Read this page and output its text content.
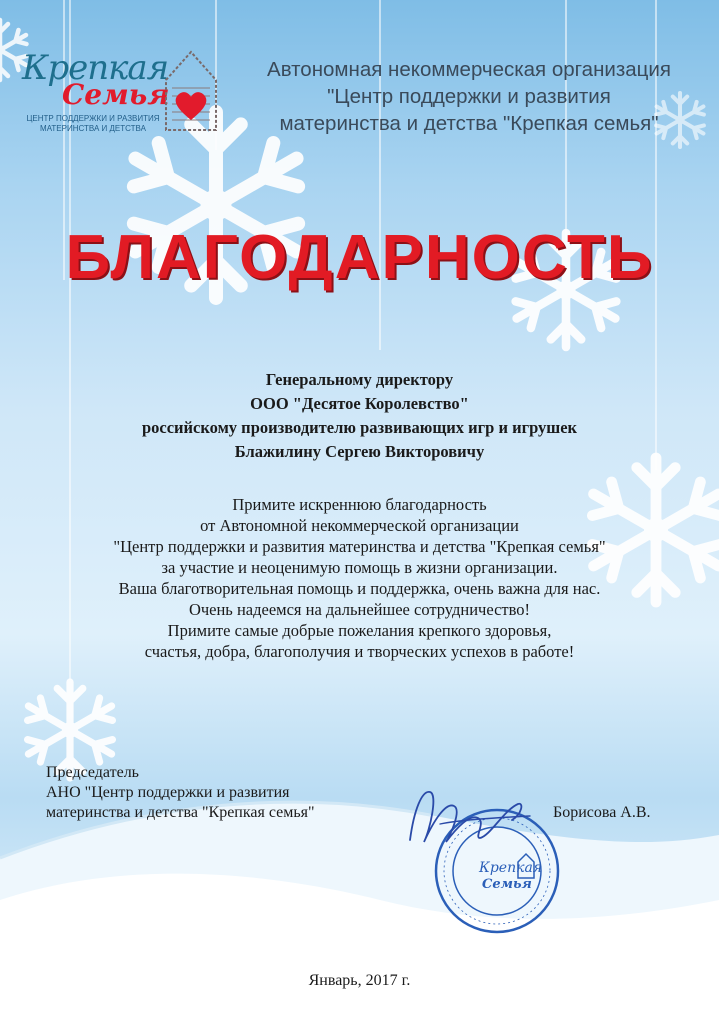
Крепкая
Семья
ЦЕНТР ПОДДЕРЖКИ И РАЗВИТИЯ
МАТЕРИНСТВА И ДЕТСТВА
Автономная некоммерческая организация
"Центр поддержки и развития
материнства и детства "Крепкая семья"
БЛАГОДАРНОСТЬ
Генеральному директору
ООО "Десятое Королевство"
российскому производителю развивающих игр и игрушек
Блажилину Сергею Викторовичу
Примите искреннюю благодарность
от Автономной некоммерческой организации
"Центр поддержки и развития материнства и детства "Крепкая семья"
за участие и неоценимую помощь в жизни организации.
Ваша благотворительная помощь и поддержка, очень важна для нас.
Очень надеемся на дальнейшее сотрудничество!
Примите самые добрые пожелания крепкого здоровья,
счастья, добра, благополучия и творческих успехов в работе!
Председатель
АНО "Центр поддержки и развития
материнства и детства "Крепкая семья"
Крепкая
Семья
Борисова А.В.
Январь, 2017 г.
